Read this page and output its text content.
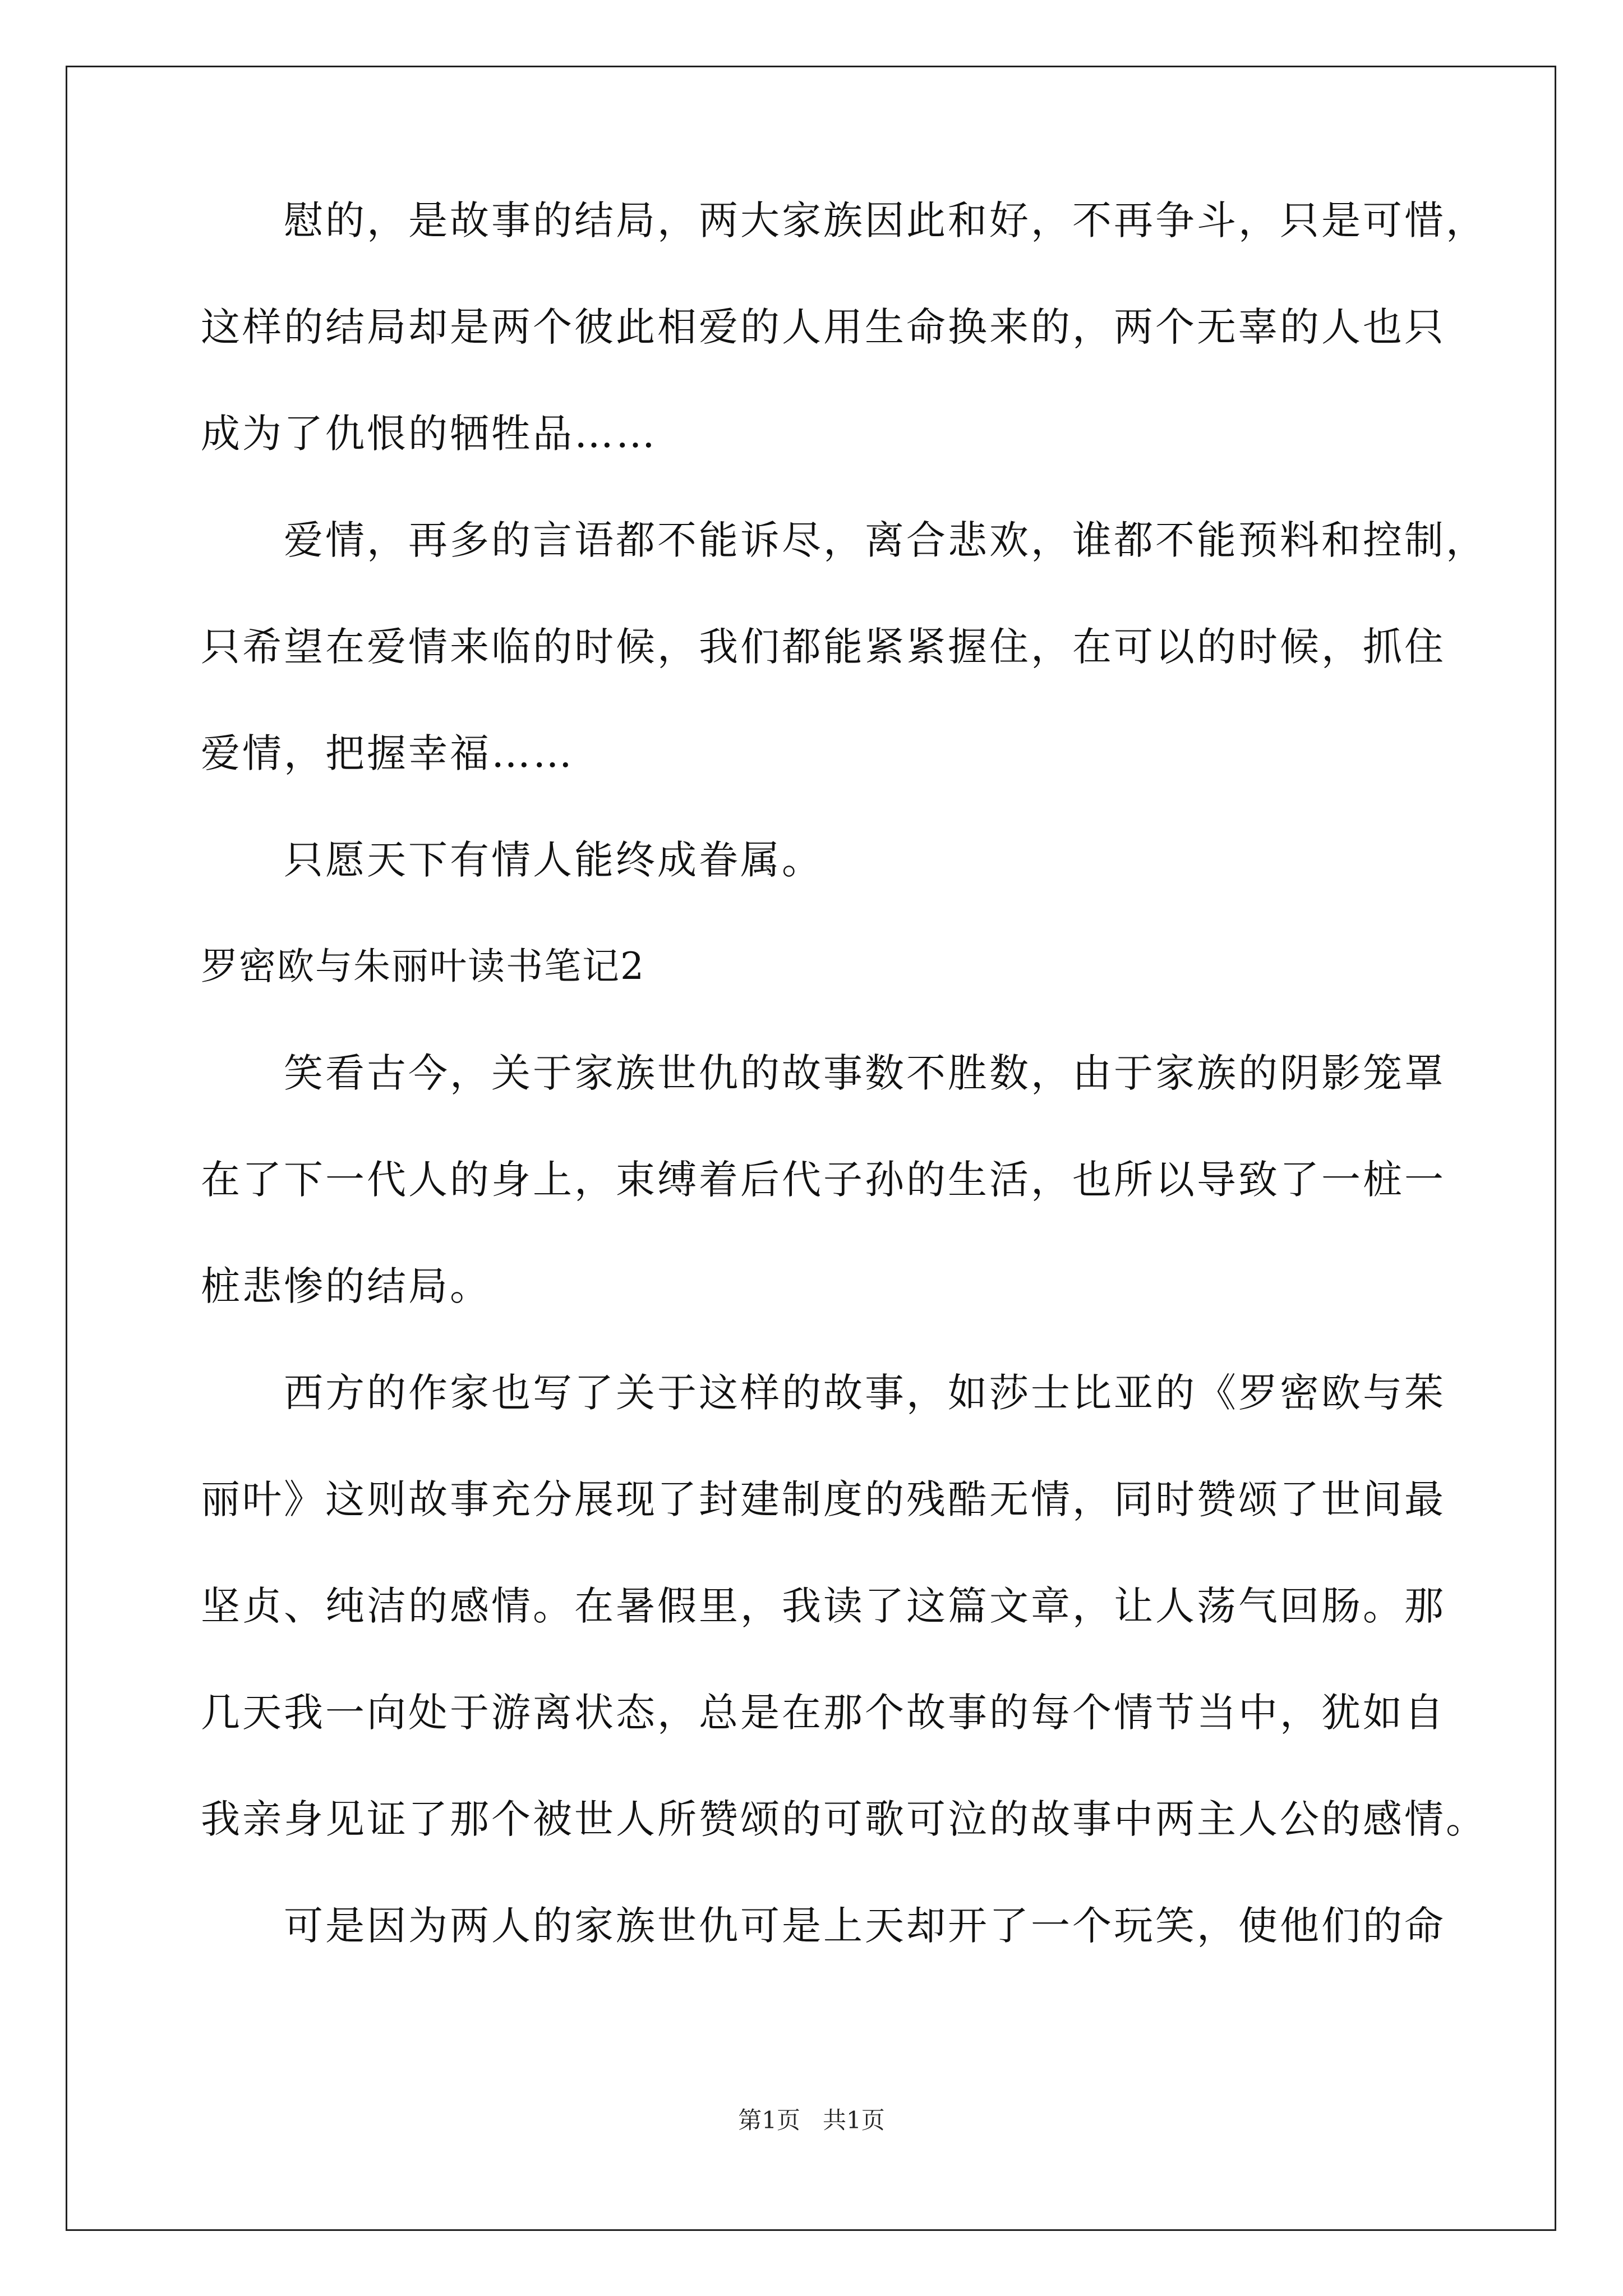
慰的，是故事的结局，两大家族因此和好，不再争斗，只是可惜，
这样的结局却是两个彼此相爱的人用生命换来的，两个无辜的人也只
成为了仇恨的牺牲品……
爱情，再多的言语都不能诉尽，离合悲欢，谁都不能预料和控制，
只希望在爱情来临的时候，我们都能紧紧握住，在可以的时候，抓住
爱情，把握幸福……
只愿天下有情人能终成眷属。
罗密欧与朱丽叶读书笔记2
笑看古今，关于家族世仇的故事数不胜数，由于家族的阴影笼罩
在了下一代人的身上，束缚着后代子孙的生活，也所以导致了一桩一
桩悲惨的结局。
西方的作家也写了关于这样的故事，如莎士比亚的《罗密欧与茱
丽叶》这则故事充分展现了封建制度的残酷无情，同时赞颂了世间最
坚贞、纯洁的感情。在暑假里，我读了这篇文章，让人荡气回肠。那
几天我一向处于游离状态，总是在那个故事的每个情节当中，犹如自
我亲身见证了那个被世人所赞颂的可歌可泣的故事中两主人公的感情。
可是因为两人的家族世仇可是上天却开了一个玩笑，使他们的命
第1页   共1页
